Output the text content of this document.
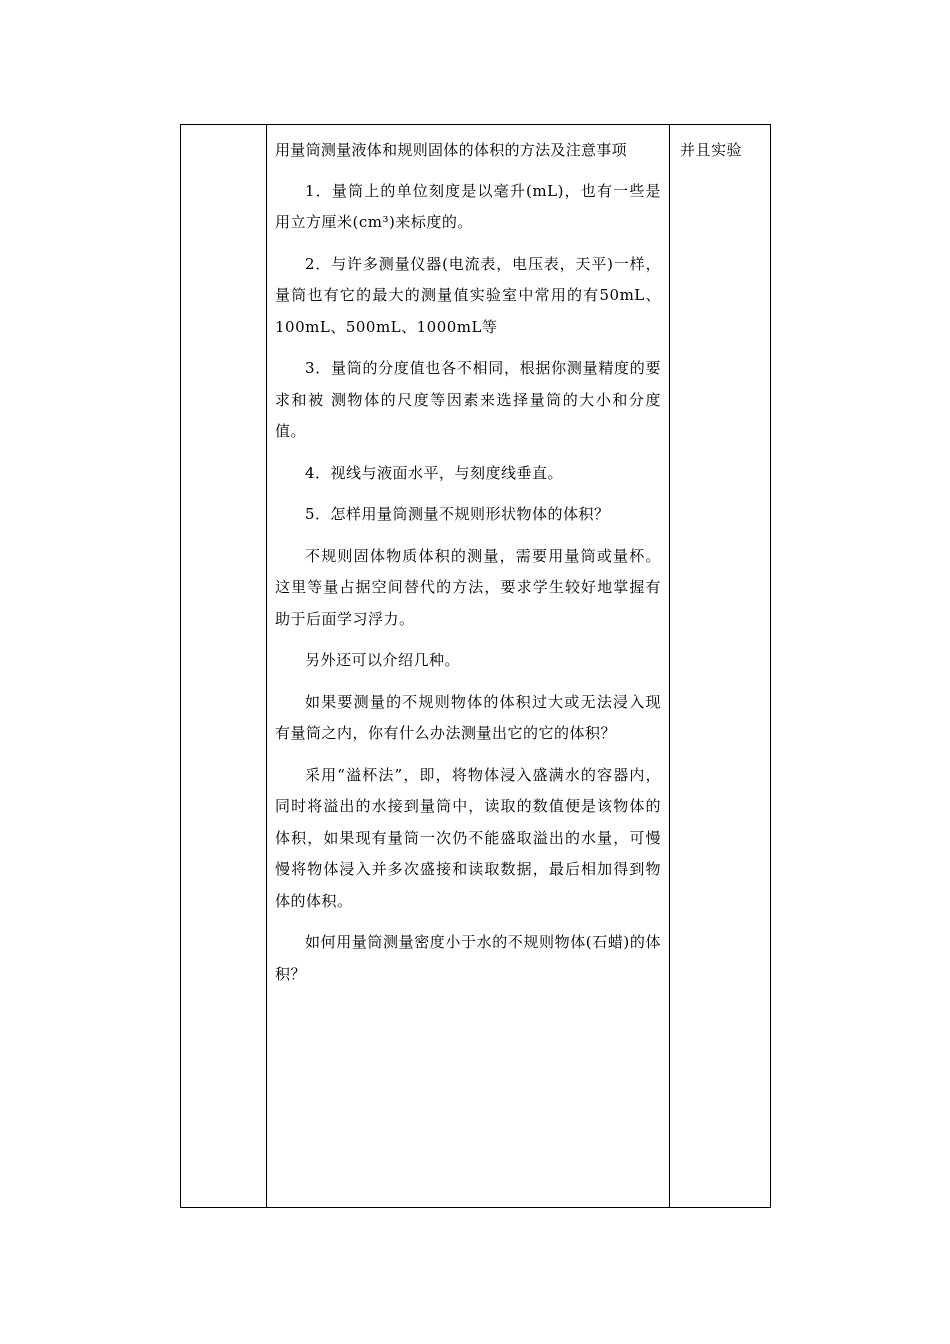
用量筒测量液体和规则固体的体积的方法及注意事项

1．量筒上的单位刻度是以毫升(mL)，也有一些是用立方厘米(cm³)来标度的。

2．与许多测量仪器(电流表，电压表，天平)一样，量筒也有它的最大的测量值实验室中常用的有50mL、100mL、500mL、1000mL等

3．量筒的分度值也各不相同，根据你测量精度的要求和被 测物体的尺度等因素来选择量筒的大小和分度值。

4．视线与液面水平，与刻度线垂直。

5．怎样用量筒测量不规则形状物体的体积？

不规则固体物质体积的测量，需要用量筒或量杯。这里等量占据空间替代的方法，要求学生较好地掌握有助于后面学习浮力。

另外还可以介绍几种。

如果要测量的不规则物体的体积过大或无法浸入现有量筒之内，你有什么办法测量出它的它的体积？

采用“溢杯法”，即，将物体浸入盛满水的容器内，同时将溢出的水接到量筒中，读取的数值便是该物体的体积，如果现有量筒一次仍不能盛取溢出的水量，可慢慢将物体浸入并多次盛接和读取数据，最后相加得到物体的体积。

如何用量筒测量密度小于水的不规则物体(石蜡)的体积？

并且实验
